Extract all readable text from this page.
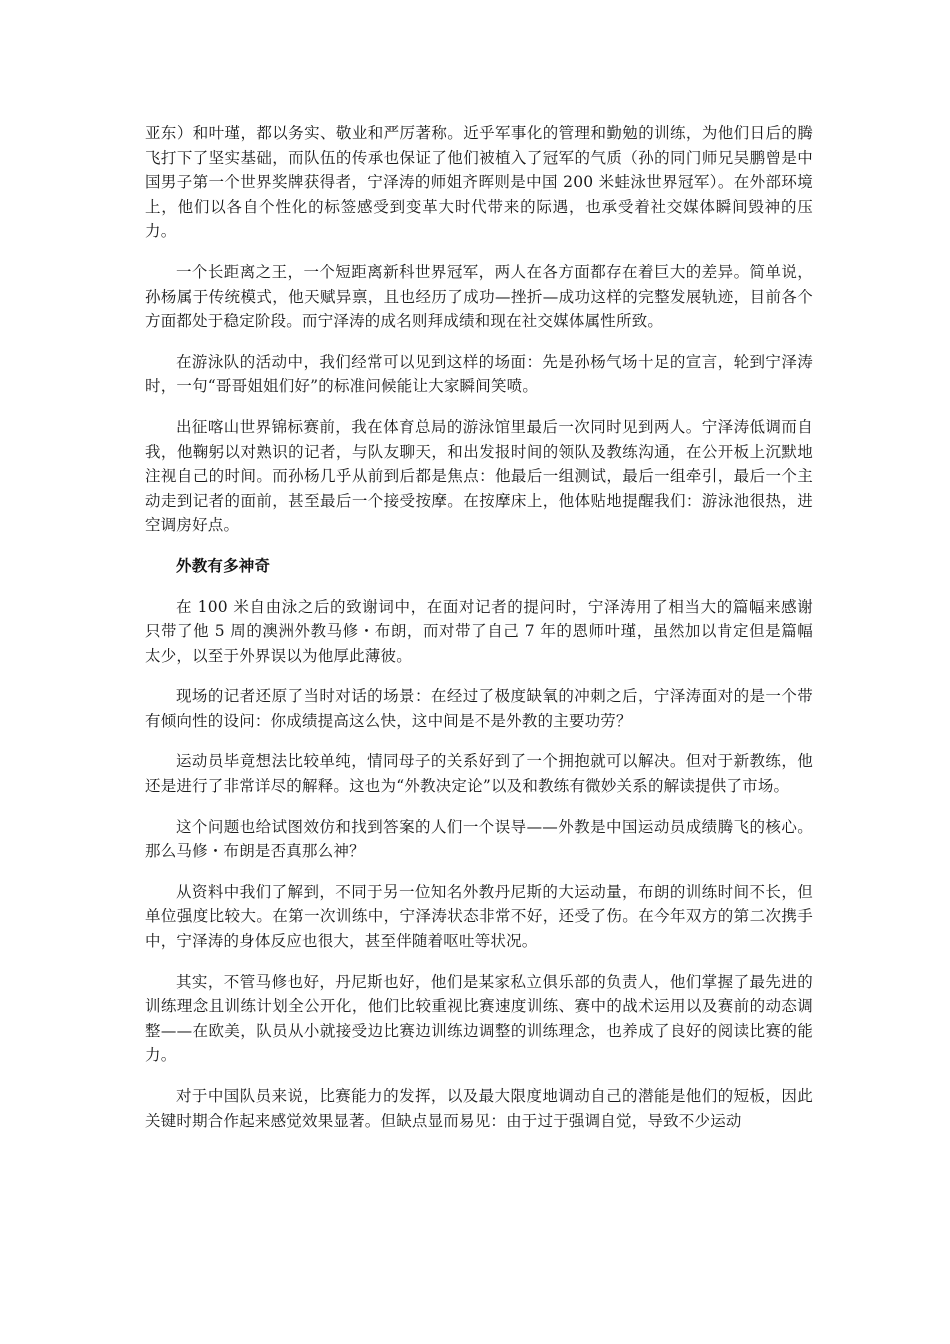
亚东）和叶瑾，都以务实、敬业和严厉著称。近乎军事化的管理和勤勉的训练，为他们日后的腾飞打下了坚实基础，而队伍的传承也保证了他们被植入了冠军的气质（孙的同门师兄吴鹏曾是中国男子第一个世界奖牌获得者，宁泽涛的师姐齐晖则是中国 200 米蛙泳世界冠军）。在外部环境上，他们以各自个性化的标签感受到变革大时代带来的际遇，也承受着社交媒体瞬间毁神的压力。

一个长距离之王，一个短距离新科世界冠军，两人在各方面都存在着巨大的差异。简单说，孙杨属于传统模式，他天赋异禀，且也经历了成功—挫折—成功这样的完整发展轨迹，目前各个方面都处于稳定阶段。而宁泽涛的成名则拜成绩和现在社交媒体属性所致。

在游泳队的活动中，我们经常可以见到这样的场面：先是孙杨气场十足的宣言，轮到宁泽涛时，一句“哥哥姐姐们好”的标准问候能让大家瞬间笑喷。

出征喀山世界锦标赛前，我在体育总局的游泳馆里最后一次同时见到两人。宁泽涛低调而自我，他鞠躬以对熟识的记者，与队友聊天，和出发报时间的领队及教练沟通，在公开板上沉默地注视自己的时间。而孙杨几乎从前到后都是焦点：他最后一组测试，最后一组牵引，最后一个主动走到记者的面前，甚至最后一个接受按摩。在按摩床上，他体贴地提醒我们：游泳池很热，进空调房好点。

外教有多神奇

在 100 米自由泳之后的致谢词中，在面对记者的提问时，宁泽涛用了相当大的篇幅来感谢只带了他 5 周的澳洲外教马修・布朗，而对带了自己 7 年的恩师叶瑾，虽然加以肯定但是篇幅太少，以至于外界误以为他厚此薄彼。

现场的记者还原了当时对话的场景：在经过了极度缺氧的冲刺之后，宁泽涛面对的是一个带有倾向性的设问：你成绩提高这么快，这中间是不是外教的主要功劳？

运动员毕竟想法比较单纯，情同母子的关系好到了一个拥抱就可以解决。但对于新教练，他还是进行了非常详尽的解释。这也为“外教决定论”以及和教练有微妙关系的解读提供了市场。

这个问题也给试图效仿和找到答案的人们一个误导——外教是中国运动员成绩腾飞的核心。那么马修・布朗是否真那么神？

从资料中我们了解到，不同于另一位知名外教丹尼斯的大运动量，布朗的训练时间不长，但单位强度比较大。在第一次训练中，宁泽涛状态非常不好，还受了伤。在今年双方的第二次携手中，宁泽涛的身体反应也很大，甚至伴随着呕吐等状况。

其实，不管马修也好，丹尼斯也好，他们是某家私立俱乐部的负责人，他们掌握了最先进的训练理念且训练计划全公开化，他们比较重视比赛速度训练、赛中的战术运用以及赛前的动态调整——在欧美，队员从小就接受边比赛边训练边调整的训练理念，也养成了良好的阅读比赛的能力。

对于中国队员来说，比赛能力的发挥，以及最大限度地调动自己的潜能是他们的短板，因此关键时期合作起来感觉效果显著。但缺点显而易见：由于过于强调自觉，导致不少运动
